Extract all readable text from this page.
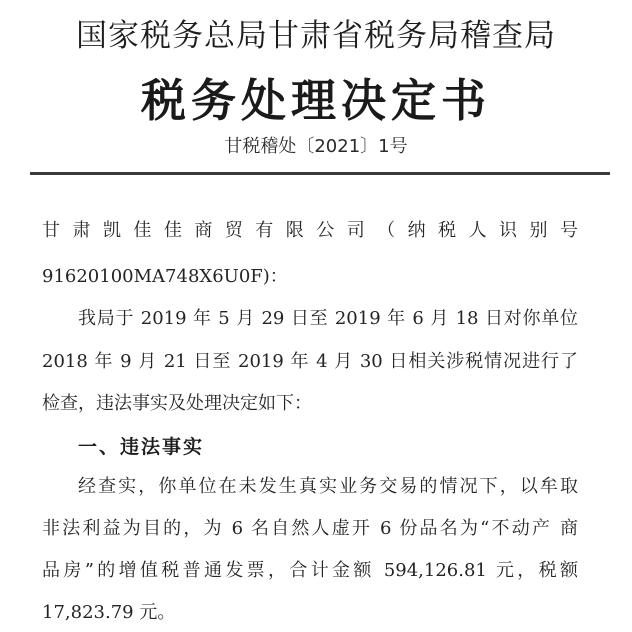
国家税务总局甘肃省税务局稽查局
税务处理决定书
甘税稽处〔2021〕1号
甘肃凯佳佳商贸有限公司（纳税人识别号
91620100MA748X6U0F)：
我局于 2019 年 5 月 29 日至 2019 年 6 月 18 日对你单位
2018 年 9 月 21 日至 2019 年 4 月 30 日相关涉税情况进行了
检查，违法事实及处理决定如下：
一、违法事实
经查实，你单位在未发生真实业务交易的情况下，以牟取
非法利益为目的，为 6 名自然人虚开 6 份品名为“不动产 商
品房”的增值税普通发票，合计金额 594,126.81 元，税额
17,823.79 元。
